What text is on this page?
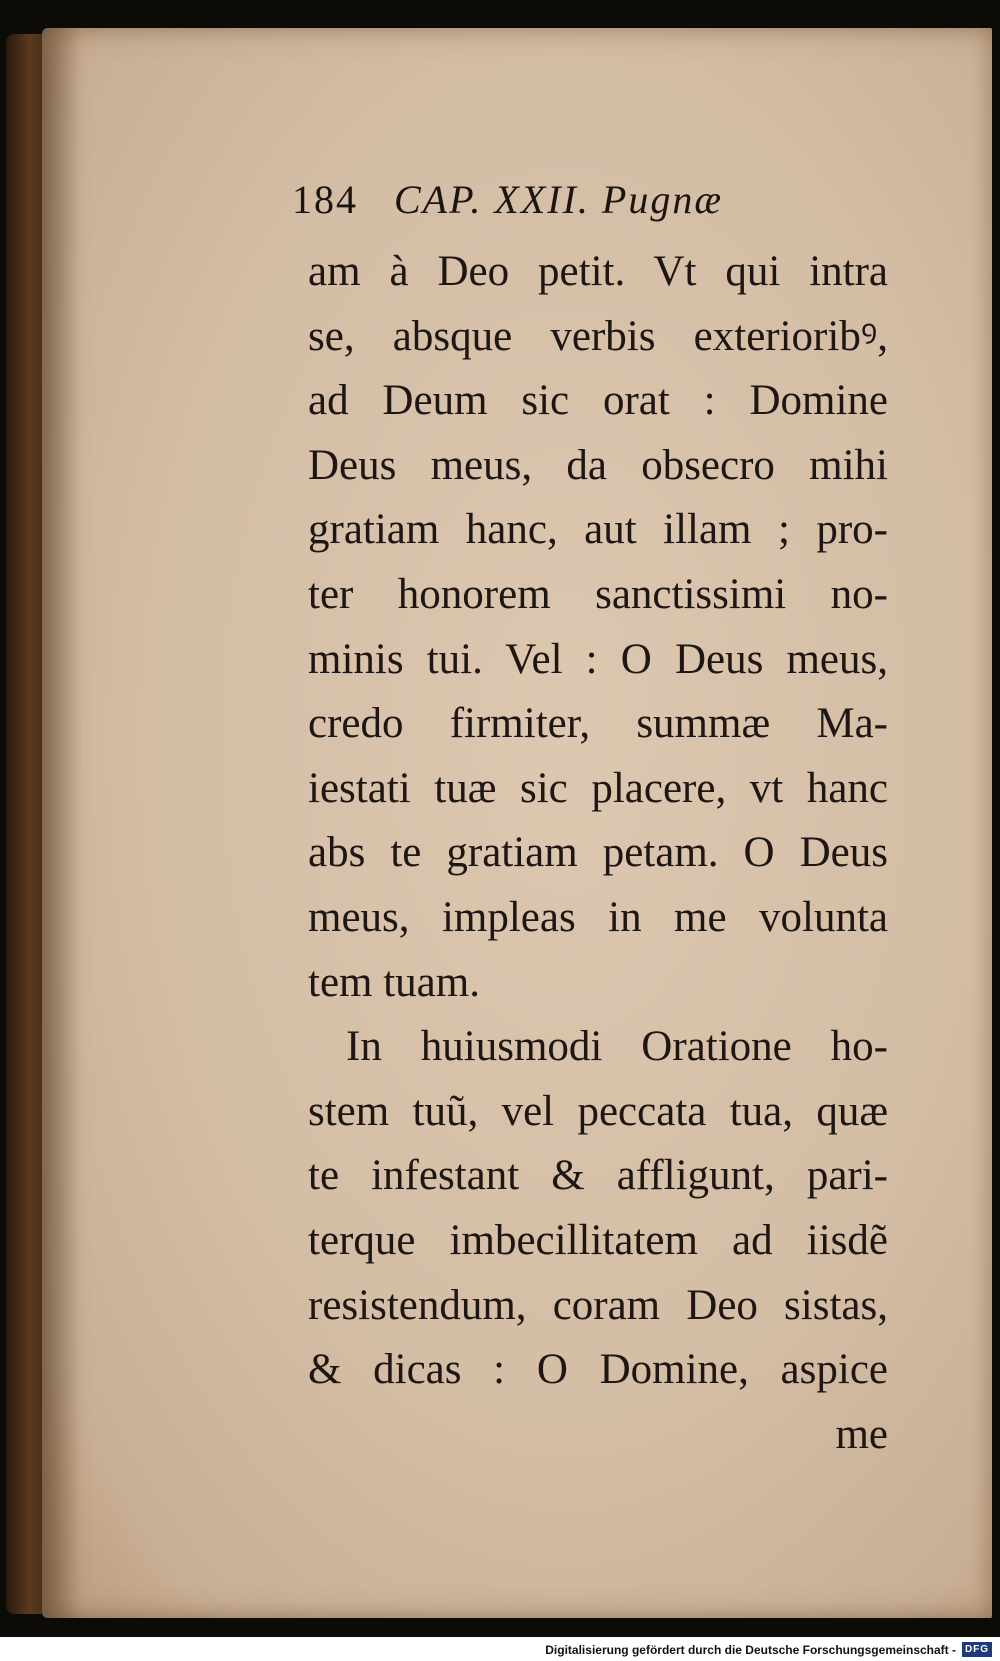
184 CAP. XXII. Pugnæ
am à Deo petit. Vt qui intra
se, absque verbis exterioribꝰ,
ad Deum sic orat : Domine
Deus meus, da obsecro mihi
gratiam hanc, aut illam ; pro-
ter honorem sanctissimi no-
minis tui. Vel : O Deus meus,
credo firmiter, summæ Ma-
iestati tuæ sic placere, vt hanc
abs te gratiam petam. O Deus
meus, impleas in me volunta
tem tuam.
In huiusmodi Oratione ho-
stem tuũ, vel peccata tua, quæ
te infestant & affligunt, pari-
terque imbecillitatem ad iisdẽ
resistendum, coram Deo sistas,
& dicas : O Domine, aspice
me
Digitalisierung gefördert durch die Deutsche Forschungsgemeinschaft - DFG
